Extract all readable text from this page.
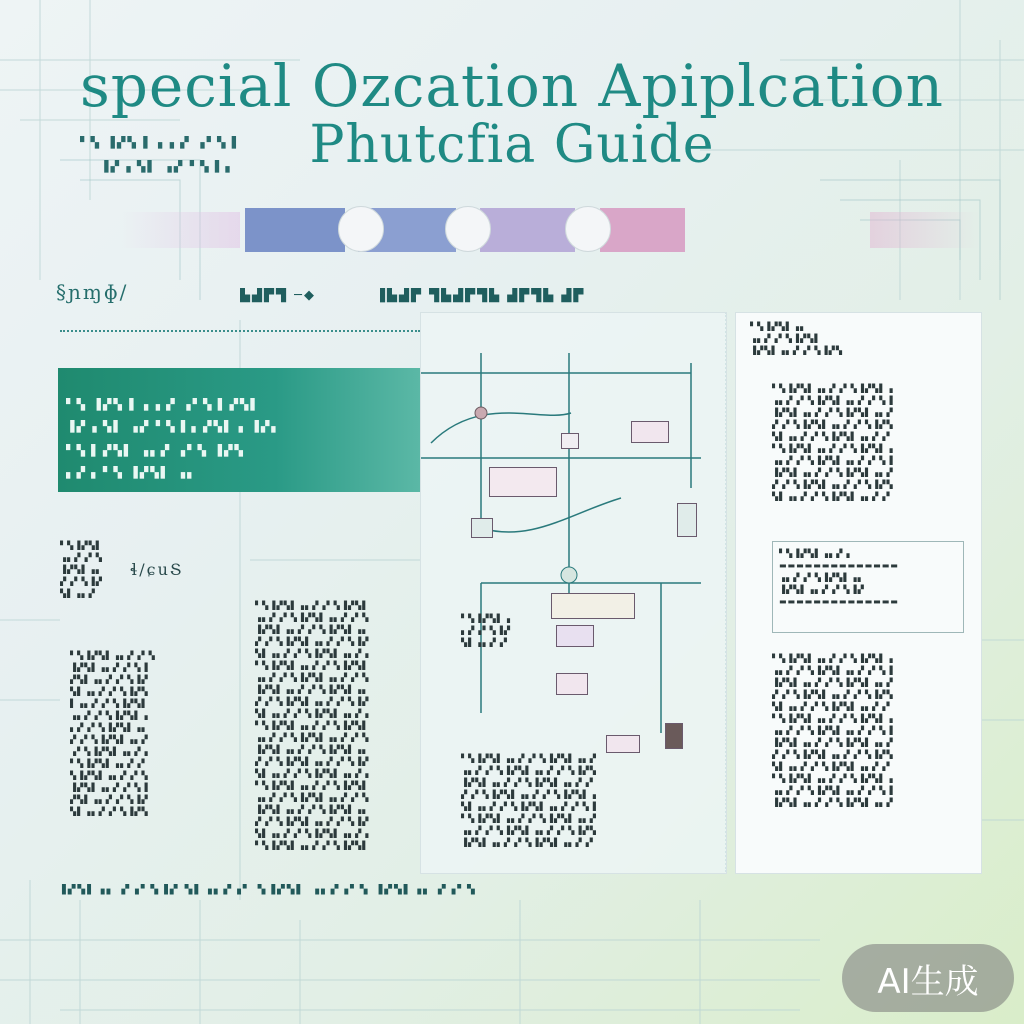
special Ozcation Apiplcation
Phutcfia Guide
▘▚ ▐▞▚ ▌▗ ▖▞ ▗▘▚▐
▐▞ ▖▚▌ ▗▞ ▘▚▐▗
▙▟▛▜ ─◆	▐▙▟▛ ▜▙▟▛▜▙ ▟▛▜▙ ▟▛
§ɲɱɸ/
▘▚ ▐▞▚ ▌▗ ▖▞ ▗▘▚▐ ▞▚▌
▐▞ ▖▚▌ ▗▞ ▘▚▐▗ ▞▚▌▗ ▐▞▖
▘▚▐ ▞▚▌ ▗▖▞ ▗▘▚ ▐▞▚
▖▞▗ ▘▚ ▐▞▚▌ ▗▖
▘▚▐▞▚▌
▗▖▞▗▘▚
▐▞▚▌▗▖
▞▗▘▚▐▞
▚▌▗▖▞
ɬ/ɕսՏ
▘▚▐▞▚▌▗▖▞▗▘▚
▐▞▚▌▗▖▞▗▘▚▐
▞▚▌▗▖▞▗▘▚▐▞
▚▌▗▖▞▗▘▚▐▞▚
▌▗▖▞▗▘▚▐▞▚▌
▗▖▞▗▘▚▐▞▚▌▗
▖▞▗▘▚▐▞▚▌▗▖
▞▗▘▚▐▞▚▌▗▖▞
▗▘▚▐▞▚▌▗▖▞▗
▘▚▐▞▚▌▗▖▞▗▘
▚▐▞▚▌▗▖▞▗▘▚
▐▞▚▌▗▖▞▗▘▚▐
▞▚▌▗▖▞▗▘▚▐▞
▚▌▗▖▞▗▘▚▐▞▚
▘▚▐▞▚▌▗▖▞▗▘▚▐▞▚▌
▗▖▞▗▘▚▐▞▚▌▗▖▞▗▘▚
▐▞▚▌▗▖▞▗▘▚▐▞▚▌▗▖
▞▗▘▚▐▞▚▌▗▖▞▗▘▚▐▞
▚▌▗▖▞▗▘▚▐▞▚▌▗▖▞▗
▘▚▐▞▚▌▗▖▞▗▘▚▐▞▚▌
▗▖▞▗▘▚▐▞▚▌▗▖▞▗▘▚
▐▞▚▌▗▖▞▗▘▚▐▞▚▌▗▖
▞▗▘▚▐▞▚▌▗▖▞▗▘▚▐▞
▚▌▗▖▞▗▘▚▐▞▚▌▗▖▞▗
▘▚▐▞▚▌▗▖▞▗▘▚▐▞▚▌
▗▖▞▗▘▚▐▞▚▌▗▖▞▗▘▚
▐▞▚▌▗▖▞▗▘▚▐▞▚▌▗▖
▞▗▘▚▐▞▚▌▗▖▞▗▘▚▐▞
▚▌▗▖▞▗▘▚▐▞▚▌▗▖▞▗
▘▚▐▞▚▌▗▖▞▗▘▚▐▞▚▌
▗▖▞▗▘▚▐▞▚▌▗▖▞▗▘▚
▐▞▚▌▗▖▞▗▘▚▐▞▚▌▗▖
▞▗▘▚▐▞▚▌▗▖▞▗▘▚▐▞
▚▌▗▖▞▗▘▚▐▞▚▌▗▖▞▗
▘▚▐▞▚▌▗▖▞▗▘▚▐▞▚▌
▘▚▐▞▚▌▗
▖▞▗▘▚▐▞
▚▌▗▖▞▗▘
▘▚▐▞▚▌▗▖▞▗▘▚▐▞▚▌▗▖▞
▗▖▞▗▘▚▐▞▚▌▗▖▞▗▘▚▐▞▚
▐▞▚▌▗▖▞▗▘▚▐▞▚▌▗▖▞▗▘
▞▗▘▚▐▞▚▌▗▖▞▗▘▚▐▞▚▌▗
▚▌▗▖▞▗▘▚▐▞▚▌▗▖▞▗▘▚▐
▘▚▐▞▚▌▗▖▞▗▘▚▐▞▚▌▗▖▞
▗▖▞▗▘▚▐▞▚▌▗▖▞▗▘▚▐▞▚
▐▞▚▌▗▖▞▗▘▚▐▞▚▌▗▖▞▗▘
▘▚▐▞▚▌▗▖
▗▖▞▗▘▚▐▞▚▌
▐▞▚▌▗▖▞▗▘▚▐▞▚
▘▚▐▞▚▌▗▖▞▗▘▚▐▞▚▌▗
▗▖▞▗▘▚▐▞▚▌▗▖▞▗▘▚▐
▐▞▚▌▗▖▞▗▘▚▐▞▚▌▗▖▞
▞▗▘▚▐▞▚▌▗▖▞▗▘▚▐▞▚
▚▌▗▖▞▗▘▚▐▞▚▌▗▖▞▗▘
▘▚▐▞▚▌▗▖▞▗▘▚▐▞▚▌▗
▗▖▞▗▘▚▐▞▚▌▗▖▞▗▘▚▐
▐▞▚▌▗▖▞▗▘▚▐▞▚▌▗▖▞
▞▗▘▚▐▞▚▌▗▖▞▗▘▚▐▞▚
▚▌▗▖▞▗▘▚▐▞▚▌▗▖▞▗▘
▘▚▐▞▚▌▗▖▞▗
▬▬▬▬▬▬▬▬▬▬▬▬▬▬
▗▖▞▗▘▚▐▞▚▌▗▖
▐▞▚▌▗▖▞▗▘▚▐▞
▬▬▬▬▬▬▬▬▬▬▬▬▬▬
▘▚▐▞▚▌▗▖▞▗▘▚▐▞▚▌▗
▗▖▞▗▘▚▐▞▚▌▗▖▞▗▘▚▐
▐▞▚▌▗▖▞▗▘▚▐▞▚▌▗▖▞
▞▗▘▚▐▞▚▌▗▖▞▗▘▚▐▞▚
▚▌▗▖▞▗▘▚▐▞▚▌▗▖▞▗▘
▘▚▐▞▚▌▗▖▞▗▘▚▐▞▚▌▗
▗▖▞▗▘▚▐▞▚▌▗▖▞▗▘▚▐
▐▞▚▌▗▖▞▗▘▚▐▞▚▌▗▖▞
▞▗▘▚▐▞▚▌▗▖▞▗▘▚▐▞▚
▚▌▗▖▞▗▘▚▐▞▚▌▗▖▞▗▘
▘▚▐▞▚▌▗▖▞▗▘▚▐▞▚▌▗
▗▖▞▗▘▚▐▞▚▌▗▖▞▗▘▚▐
▐▞▚▌▗▖▞▗▘▚▐▞▚▌▗▖▞
▐▞▚▌▗▖ ▞▗▘▚▐▞ ▚▌▗▖▞▗▘ ▚▐▞▚▌ ▗▖▞▗▘▚ ▐▞▚▌▗▖ ▞▗▘▚
AI生成
